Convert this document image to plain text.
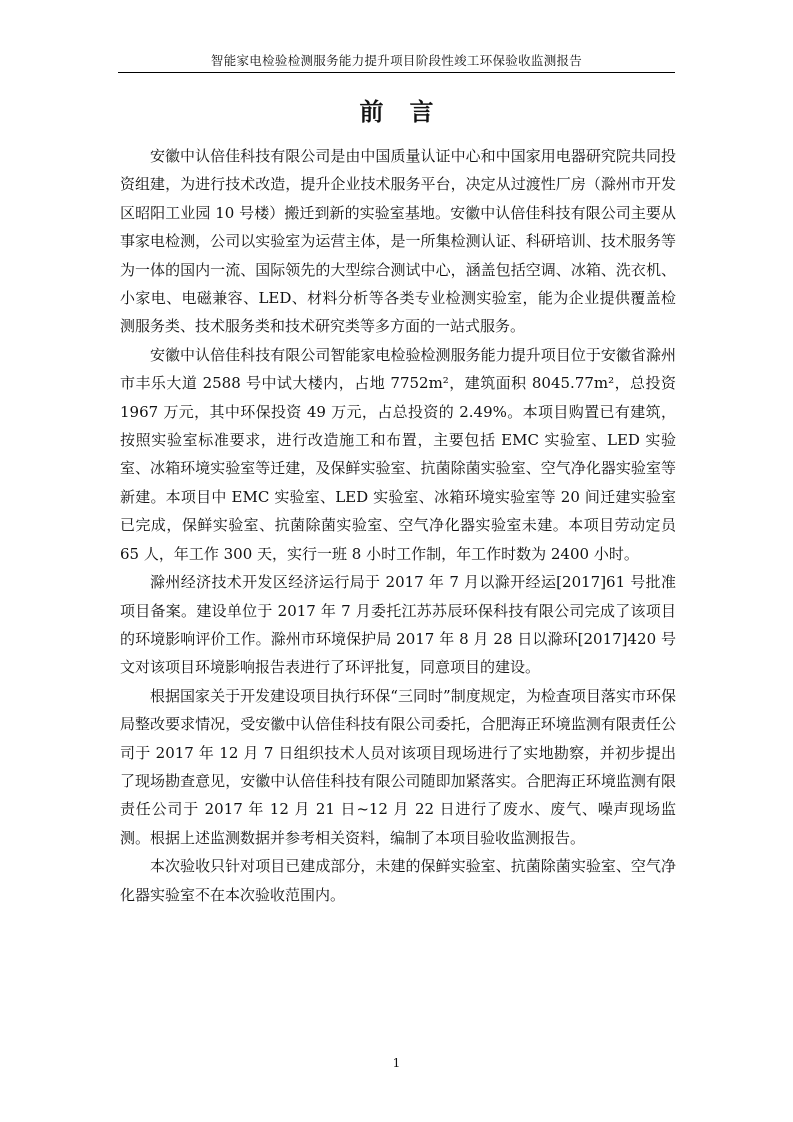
智能家电检验检测服务能力提升项目阶段性竣工环保验收监测报告
前言

安徽中认倍佳科技有限公司是由中国质量认证中心和中国家用电器研究院共同投资组建，为进行技术改造，提升企业技术服务平台，决定从过渡性厂房（滁州市开发区昭阳工业园 10 号楼）搬迁到新的实验室基地。安徽中认倍佳科技有限公司主要从事家电检测，公司以实验室为运营主体，是一所集检测认证、科研培训、技术服务等为一体的国内一流、国际领先的大型综合测试中心，涵盖包括空调、冰箱、洗衣机、小家电、电磁兼容、LED、材料分析等各类专业检测实验室，能为企业提供覆盖检测服务类、技术服务类和技术研究类等多方面的一站式服务。

安徽中认倍佳科技有限公司智能家电检验检测服务能力提升项目位于安徽省滁州市丰乐大道 2588 号中试大楼内，占地 7752m²，建筑面积 8045.77m²，总投资 1967 万元，其中环保投资 49 万元，占总投资的 2.49%。本项目购置已有建筑，按照实验室标准要求，进行改造施工和布置，主要包括 EMC 实验室、LED 实验室、冰箱环境实验室等迁建，及保鲜实验室、抗菌除菌实验室、空气净化器实验室等新建。本项目中 EMC 实验室、LED 实验室、冰箱环境实验室等 20 间迁建实验室已完成，保鲜实验室、抗菌除菌实验室、空气净化器实验室未建。本项目劳动定员 65 人，年工作 300 天，实行一班 8 小时工作制，年工作时数为 2400 小时。

滁州经济技术开发区经济运行局于 2017 年 7 月以滁开经运[2017]61 号批准项目备案。建设单位于 2017 年 7 月委托江苏苏辰环保科技有限公司完成了该项目的环境影响评价工作。滁州市环境保护局 2017 年 8 月 28 日以滁环[2017]420 号文对该项目环境影响报告表进行了环评批复，同意项目的建设。

根据国家关于开发建设项目执行环保“三同时”制度规定，为检查项目落实市环保局整改要求情况，受安徽中认倍佳科技有限公司委托，合肥海正环境监测有限责任公司于 2017 年 12 月 7 日组织技术人员对该项目现场进行了实地勘察，并初步提出了现场勘查意见，安徽中认倍佳科技有限公司随即加紧落实。合肥海正环境监测有限责任公司于 2017 年 12 月 21 日~12 月 22 日进行了废水、废气、噪声现场监测。根据上述监测数据并参考相关资料，编制了本项目验收监测报告。

本次验收只针对项目已建成部分，未建的保鲜实验室、抗菌除菌实验室、空气净化器实验室不在本次验收范围内。

1
